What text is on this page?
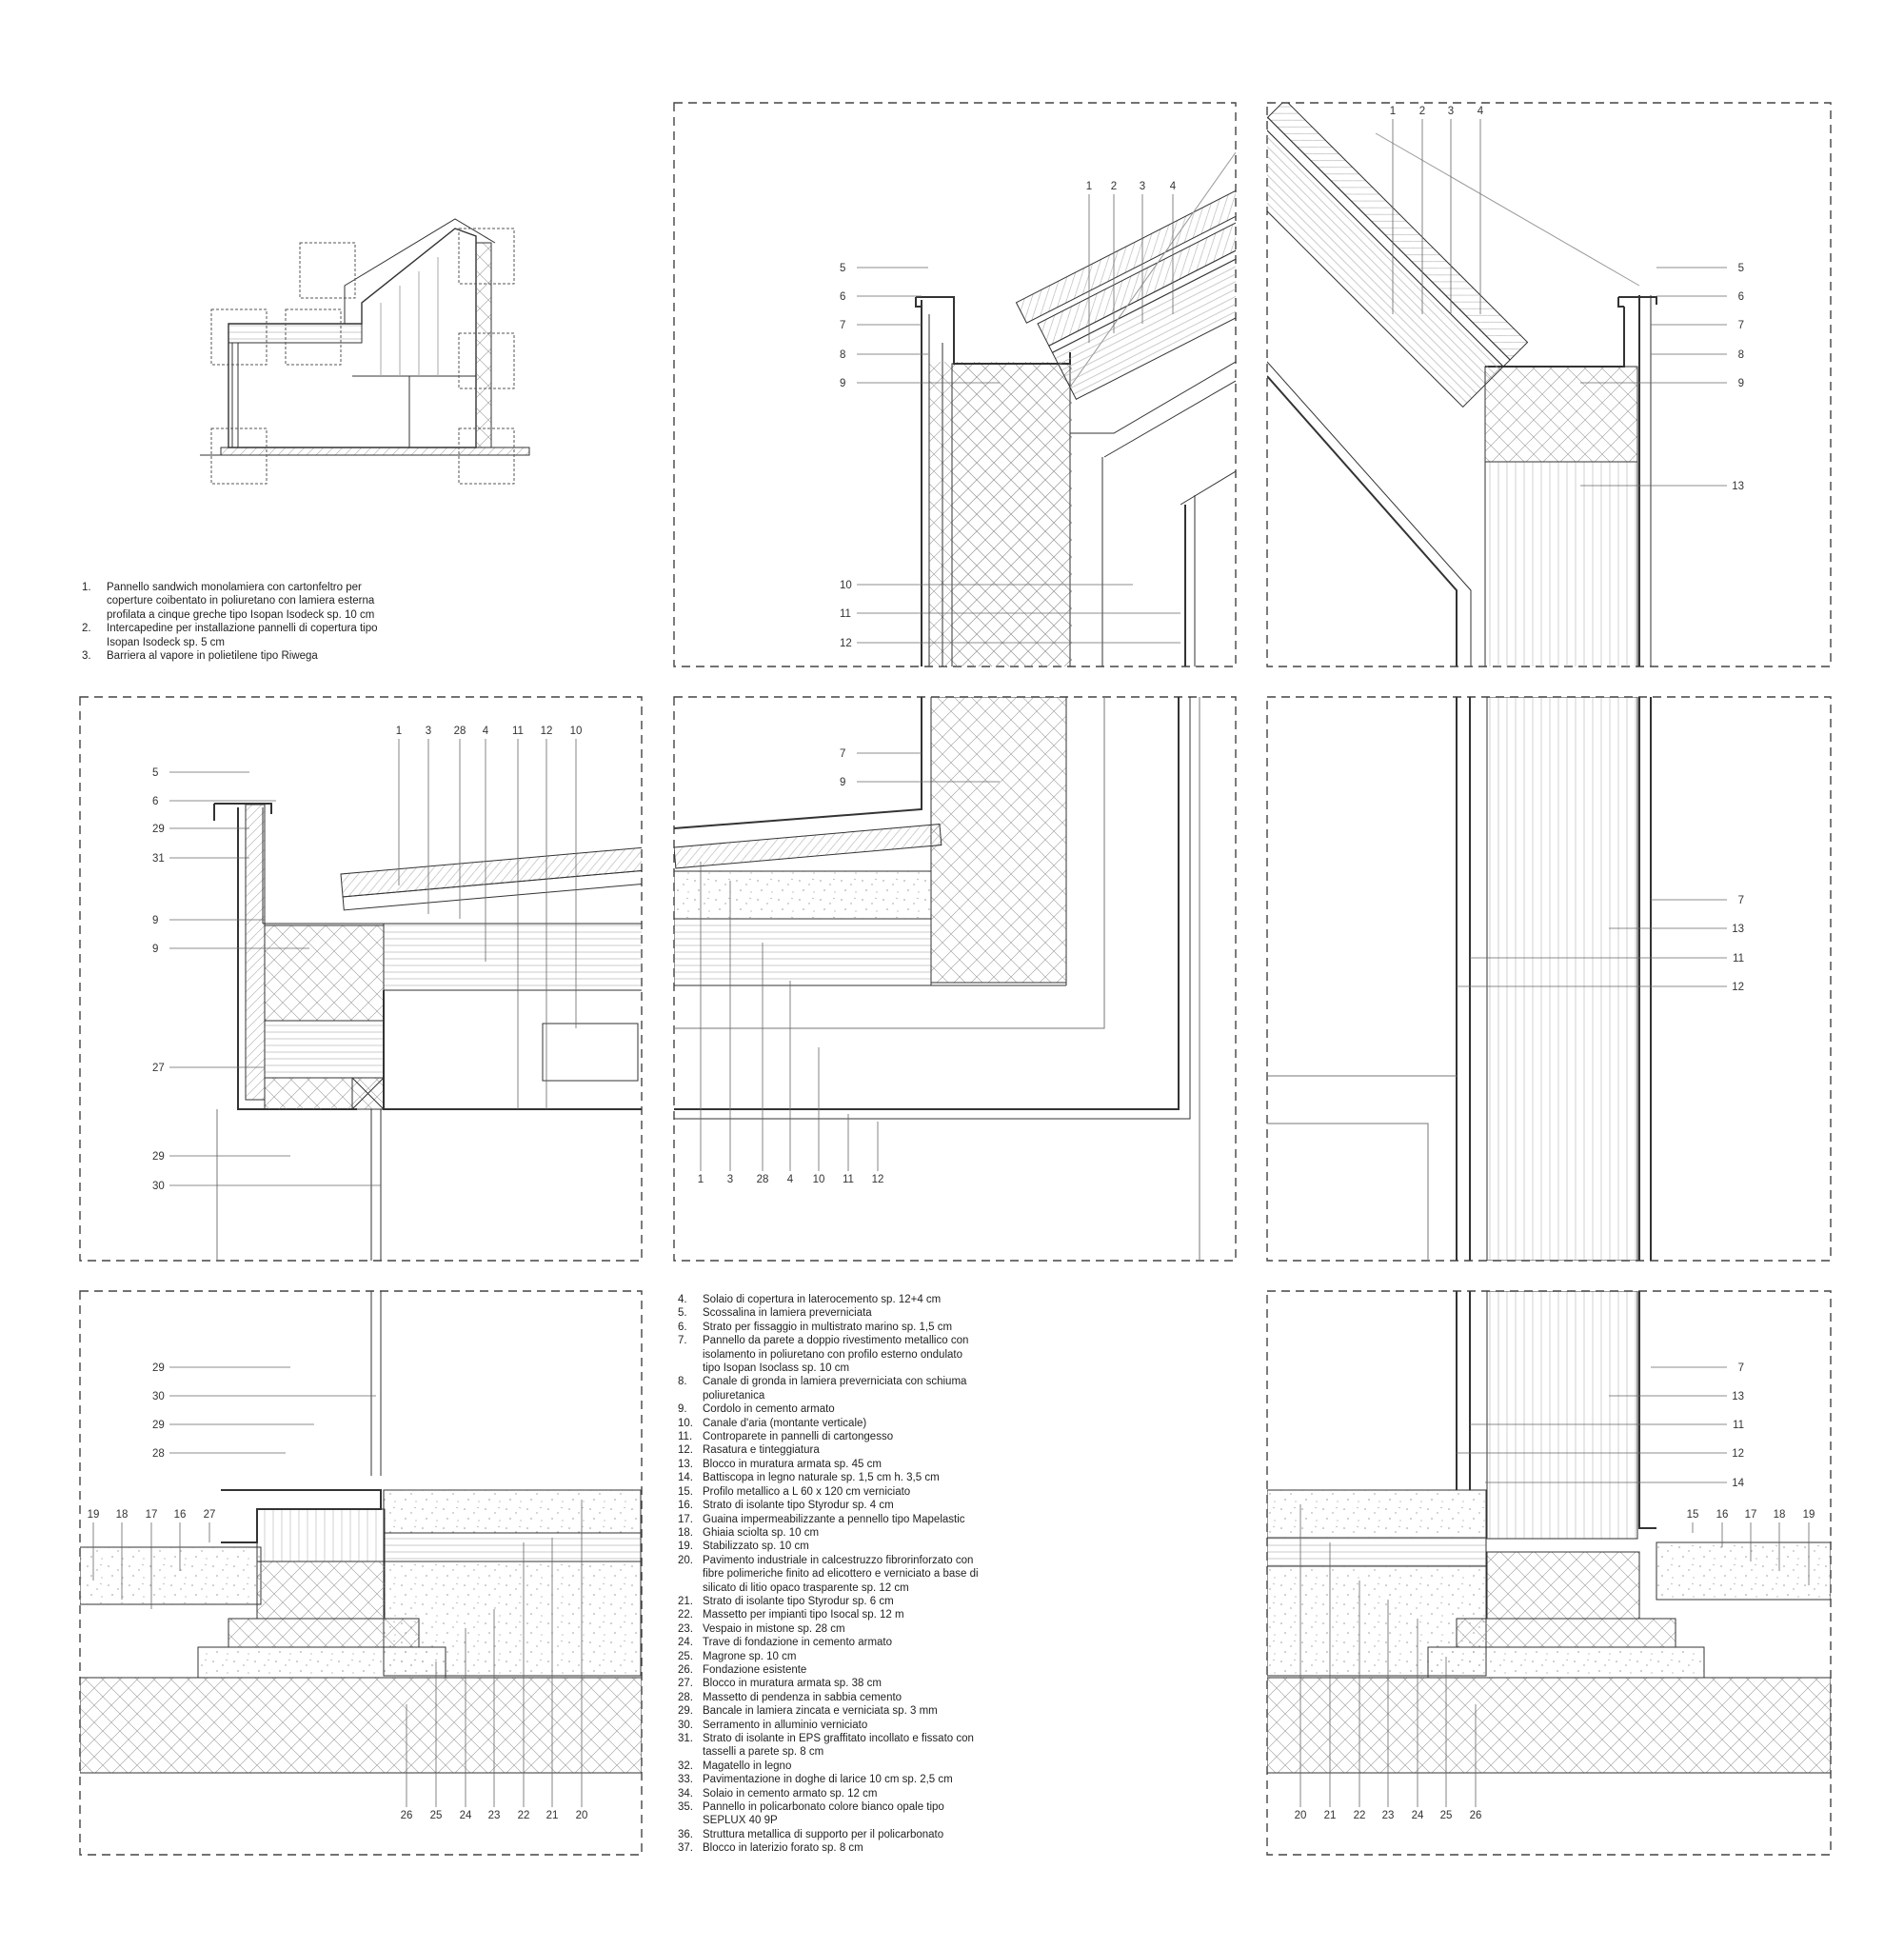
1 2 3 4
5
6
7
8
9
10
11
12
1 2 3 4
5
6
7
8
9
13
1 3 28 4 11 12 10
5
6
29
31
9
9
27
29
30
7
9
1 3 28 4 10 11 12
7
13
11
12
29
30
29
28
19 18 17 16 27
26 25 24 23 22 21 20
7
13
11
12
14
15 16 17 18 19
20 21 22 23 24 25 26
1.	Pannello sandwich monolamiera con cartonfeltro per coperture coibentato in poliuretano con lamiera esterna profilata a cinque greche tipo Isopan Isodeck sp. 10 cm
2.	Intercapedine per installazione pannelli di copertura tipo Isopan Isodeck sp. 5 cm
3.	Barriera al vapore in polietilene tipo Riwega
4.	Solaio di copertura in laterocemento sp. 12+4 cm
5.	Scossalina in lamiera preverniciata
6.	Strato per fissaggio in multistrato marino sp. 1,5 cm
7.	Pannello da parete a doppio rivestimento metallico con isolamento in poliuretano con profilo esterno ondulato tipo Isopan Isoclass sp. 10 cm
8.	Canale di gronda in lamiera preverniciata con schiuma poliuretanica
9.	Cordolo in cemento armato
10. Canale d'aria (montante verticale)
11. Controparete in pannelli di cartongesso
12. Rasatura e tinteggiatura
13. Blocco in muratura armata sp. 45 cm
14. Battiscopa in legno naturale sp. 1,5 cm h. 3,5 cm
15. Profilo metallico a L 60 x 120 cm verniciato
16. Strato di isolante tipo Styrodur sp. 4 cm
17. Guaina impermeabilizzante a pennello tipo Mapelastic
18. Ghiaia sciolta sp. 10 cm
19. Stabilizzato sp. 10 cm
20. Pavimento industriale in calcestruzzo fibrorinforzato con fibre polimeriche finito ad elicottero e verniciato a base di silicato di litio opaco trasparente sp. 12 cm
21. Strato di isolante tipo Styrodur sp. 6 cm
22. Massetto per impianti tipo Isocal sp. 12 m
23. Vespaio in mistone sp. 28 cm
24. Trave di fondazione in cemento armato
25. Magrone sp. 10 cm
26. Fondazione esistente
27. Blocco in muratura armata sp. 38 cm
28. Massetto di pendenza in sabbia cemento
29. Bancale in lamiera zincata e verniciata sp. 3 mm
30. Serramento in alluminio verniciato
31. Strato di isolante in EPS graffitato incollato e fissato con tasselli a parete sp. 8 cm
32. Magatello in legno
33. Pavimentazione in doghe di larice 10 cm sp. 2,5 cm
34. Solaio in cemento armato sp. 12 cm
35. Pannello in policarbonato colore bianco opale tipo SEPLUX 40 9P
36. Struttura metallica di supporto per il policarbonato
37. Blocco in laterizio forato sp. 8 cm
